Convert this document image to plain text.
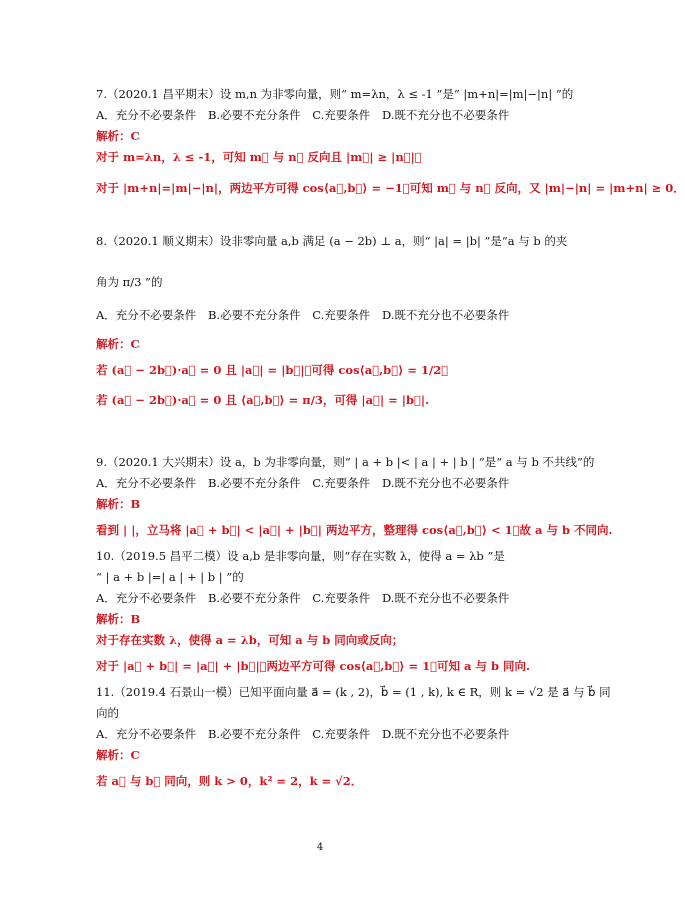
7.（2020.1 昌平期末）设 m,n 为非零向量，则“ m=λn，λ ≤ -1 ”是“ |m+n|=|m|−|n| ”的
A．充分不必要条件 B.必要不充分条件 C.充要条件 D.既不充分也不必要条件
解析：C
对于 m=λn，λ ≤ -1，可知 m⃗ 与 n⃗ 反向且 |m⃗| ≥ |n⃗|；
对于 |m+n|=|m|−|n|，两边平方可得 cos⟨a⃗,b⃗⟩ = −1，可知 m⃗ 与 n⃗ 反向，又 |m|−|n| = |m+n| ≥ 0．
8.（2020.1 顺义期末）设非零向量 a,b 满足 (a − 2b) ⊥ a，则“ |a| = |b| ”是“a 与 b 的夹
角为 π/3 ”的
A．充分不必要条件 B.必要不充分条件 C.充要条件 D.既不充分也不必要条件
解析：C
若 (a⃗ − 2b⃗)·a⃗ = 0 且 |a⃗| = |b⃗|，可得 cos⟨a⃗,b⃗⟩ = 1/2，
若 (a⃗ − 2b⃗)·a⃗ = 0 且 ⟨a⃗,b⃗⟩ = π/3，可得 |a⃗| = |b⃗|.
9.（2020.1 大兴期末）设 a，b 为非零向量，则“ | a + b |< | a | + | b | ”是“ a 与 b 不共线”的
A．充分不必要条件 B.必要不充分条件 C.充要条件 D.既不充分也不必要条件
解析：B
看到 | |，立马将 |a⃗ + b⃗| < |a⃗| + |b⃗| 两边平方，整理得 cos⟨a⃗,b⃗⟩ < 1，故 a 与 b 不同向.
10.（2019.5 昌平二模）设 a,b 是非零向量，则“存在实数 λ，使得 a = λb ”是
“ | a + b |=| a | + | b | ”的
A．充分不必要条件 B.必要不充分条件 C.充要条件 D.既不充分也不必要条件
解析：B
对于存在实数 λ，使得 a = λb，可知 a 与 b 同向或反向；
对于 |a⃗ + b⃗| = |a⃗| + |b⃗|，两边平方可得 cos⟨a⃗,b⃗⟩ = 1，可知 a 与 b 同向.
11.（2019.4 石景山一模）已知平面向量 a⃗ = (k , 2)，b⃗ = (1 , k), k ∈ R，则 k = √2 是 a⃗ 与 b⃗ 同
向的
A．充分不必要条件 B.必要不充分条件 C.充要条件 D.既不充分也不必要条件
解析：C
若 a⃗ 与 b⃗ 同向，则 k > 0，k² = 2，k = √2．
4
